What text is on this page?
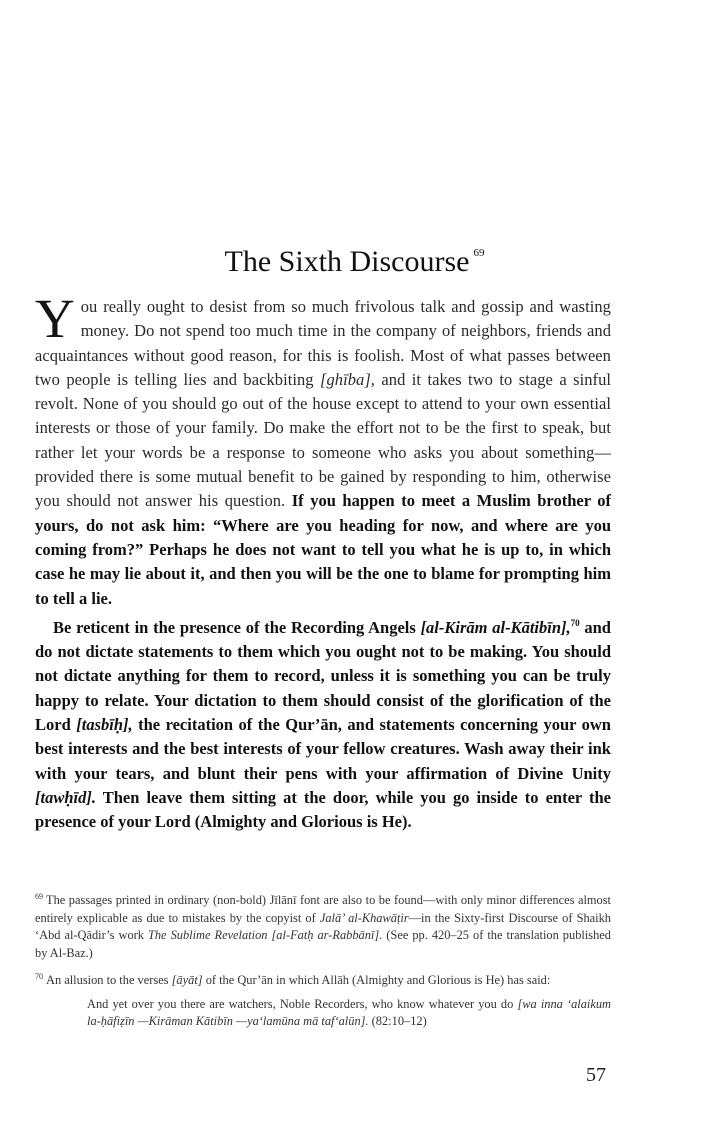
The Sixth Discourse $^{69}$

You really ought to desist from so much frivolous talk and gossip and wasting money. Do not spend too much time in the company of neighbors, friends and acquaintances without good reason, for this is foolish. Most of what passes between two people is telling lies and backbiting [ghība], and it takes two to stage a sinful revolt. None of you should go out of the house except to attend to your own essential interests or those of your family. Do make the effort not to be the first to speak, but rather let your words be a response to someone who asks you about something—provided there is some mutual benefit to be gained by responding to him, otherwise you should not answer his question. If you happen to meet a Muslim brother of yours, do not ask him: “Where are you heading for now, and where are you coming from?” Perhaps he does not want to tell you what he is up to, in which case he may lie about it, and then you will be the one to blame for prompting him to tell a lie.

Be reticent in the presence of the Recording Angels [al-Kirām al-Kātibīn],$^{70}$ and do not dictate statements to them which you ought not to be making. You should not dictate anything for them to record, unless it is something you can be truly happy to relate. Your dictation to them should consist of the glorification of the Lord [tasbīḥ], the recitation of the Qur’ān, and statements concerning your own best interests and the best interests of your fellow creatures. Wash away their ink with your tears, and blunt their pens with your affirmation of Divine Unity [tawḥīd]. Then leave them sitting at the door, while you go inside to enter the presence of your Lord (Almighty and Glorious is He).

$^{69}$ The passages printed in ordinary (non-bold) Jīlānī font are also to be found—with only minor differences almost entirely explicable as due to mistakes by the copyist of Jalā’ al-Khawāṭir—in the Sixty-first Discourse of Shaikh ‘Abd al-Qādir’s work The Sublime Revelation [al-Fatḥ ar-Rabbānī]. (See pp. 420–25 of the translation published by Al-Baz.)

$^{70}$ An allusion to the verses [āyāt] of the Qur’ān in which Allāh (Almighty and Glorious is He) has said:

And yet over you there are watchers, Noble Recorders, who know whatever you do [wa inna ‘alaikum la-ḥāfiẓīn —Kirāman Kātibīn —ya‘lamūna mā taf‘alūn]. (82:10–12)

57
